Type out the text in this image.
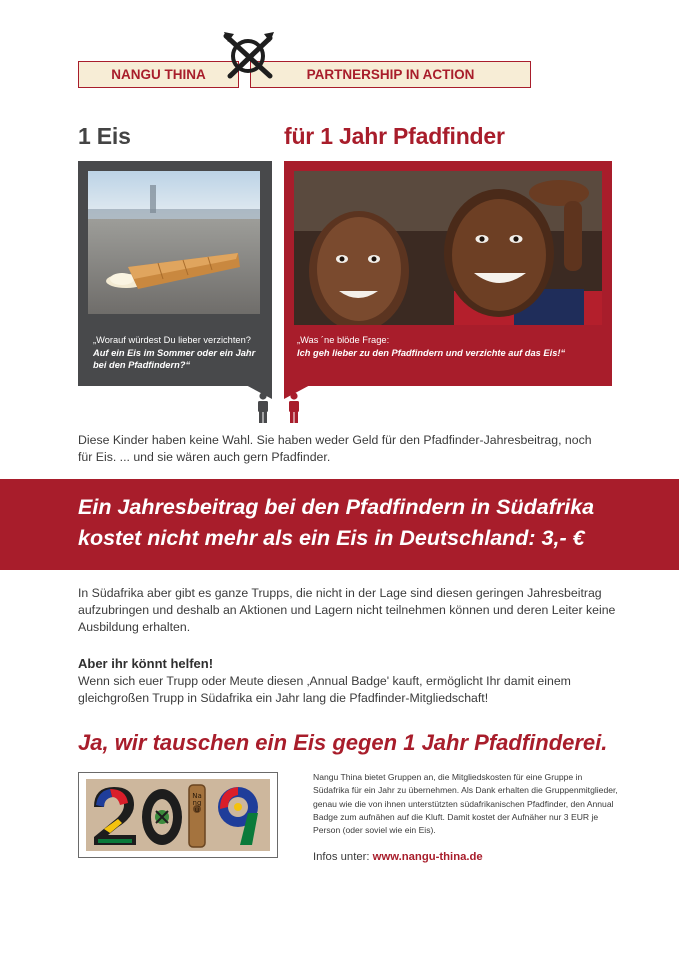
NANGU THINA	PARTNERSHIP IN ACTION
1 Eis	für 1 Jahr Pfadfinder
„Worauf würdest Du lieber verzichten?
Auf ein Eis im Sommer oder ein Jahr bei den Pfadfindern?“
„Was ´ne blöde Frage:
Ich geh lieber zu den Pfadfindern und verzichte auf das Eis!“
Diese Kinder haben keine Wahl. Sie haben weder Geld für den Pfadfinder-Jahresbeitrag, noch für Eis. ... und sie wären auch gern Pfadfinder.
Ein Jahresbeitrag bei den Pfadfindern in Südafrika
kostet nicht mehr als ein Eis in Deutschland: 3,- €
In Südafrika aber gibt es ganze Trupps, die nicht in der Lage sind diesen geringen Jahresbeitrag aufzubringen und deshalb an Aktionen und Lagern nicht teilnehmen können und deren Leiter keine Ausbildung erhalten.
Aber ihr könnt helfen!
Wenn sich euer Trupp oder Meute diesen ‚Annual Badge' kauft, ermöglicht Ihr damit einem gleichgroßen Trupp in Südafrika ein Jahr lang die Pfadfinder-Mitgliedschaft!
Ja, wir tauschen ein Eis gegen 1 Jahr Pfadfinderei.
Nangu
Nangu Thina bietet Gruppen an, die Mitgliedskosten für eine Gruppe in Südafrika für ein Jahr zu übernehmen. Als Dank erhalten die Gruppenmitglieder, genau wie die von ihnen unterstützten südafrikanischen Pfadfinder, den Annual Badge zum aufnähen auf die Kluft. Damit kostet der Aufnäher nur 3 EUR je Person (oder soviel wie ein Eis).
Infos unter: www.nangu-thina.de
